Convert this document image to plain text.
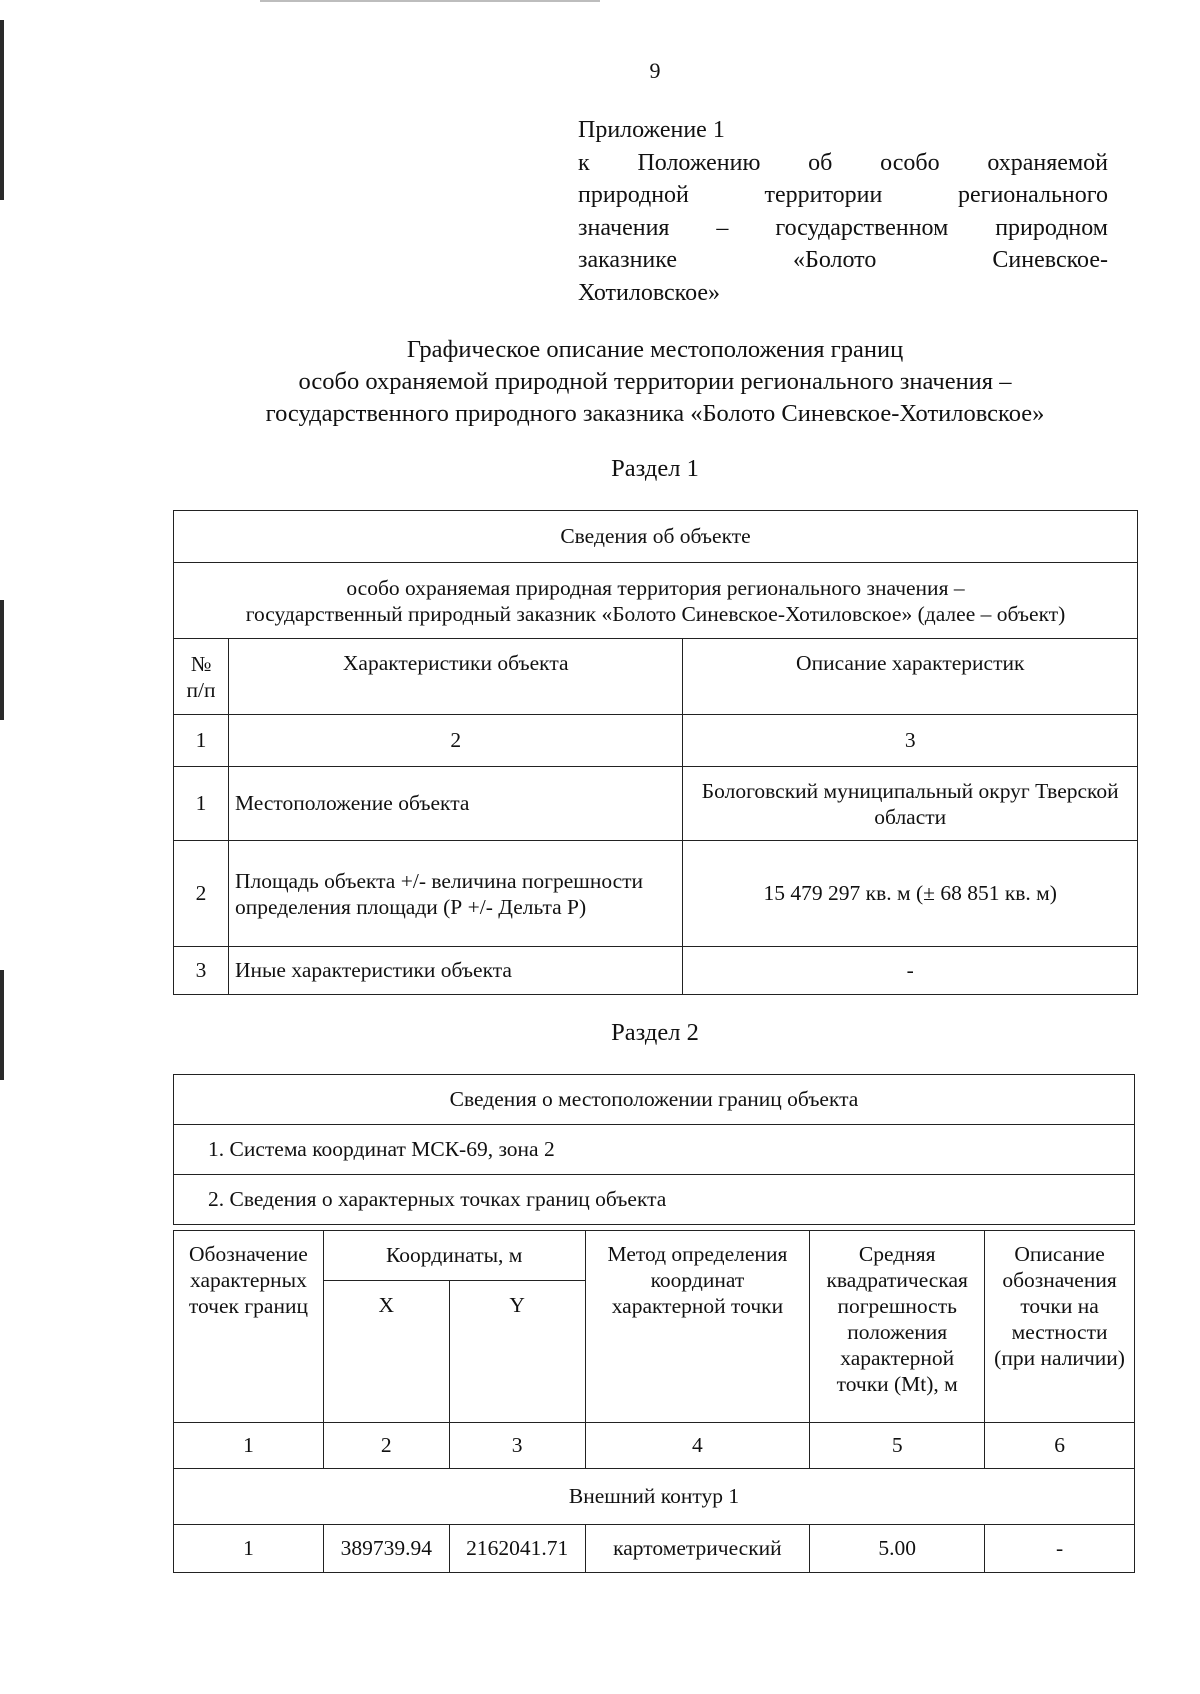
9
Приложение 1
к Положению об особо охраняемой
природной территории регионального
значения – государственном природном
заказнике «Болото Синевское-
Хотиловское»
Графическое описание местоположения границ
особо охраняемой природной территории регионального значения –
государственного природного заказника «Болото Синевское-Хотиловское»
Раздел 1
Сведения об объекте		

особо охраняемая природная территория регионального значения –
государственный природный заказник «Болото Синевское-Хотиловское» (далее – объект)		

№ п/п	Характеристики объекта	Описание характеристик
1	2	3
1	Местоположение объекта	Бологовский муниципальный округ Тверской области
2	Площадь объекта +/- величина погрешности определения площади (Р +/- Дельта Р)	15 479 297 кв. м (± 68 851 кв. м)
3	Иные характеристики объекта	-
Раздел 2
Сведения о местоположении границ объекта
1. Система координат МСК-69, зона 2
2. Сведения о характерных точках границ объекта
Обозначение характерных точек границ	Координаты, м		Метод определения координат характерной точки	Средняя квадратическая погрешность положения характерной точки (Mt), м	Описание обозначения точки на местности (при наличии)
	X	Y			
1	2	3	4	5	6
Внешний контур 1					
1	389739.94	2162041.71	картометрический	5.00	-
